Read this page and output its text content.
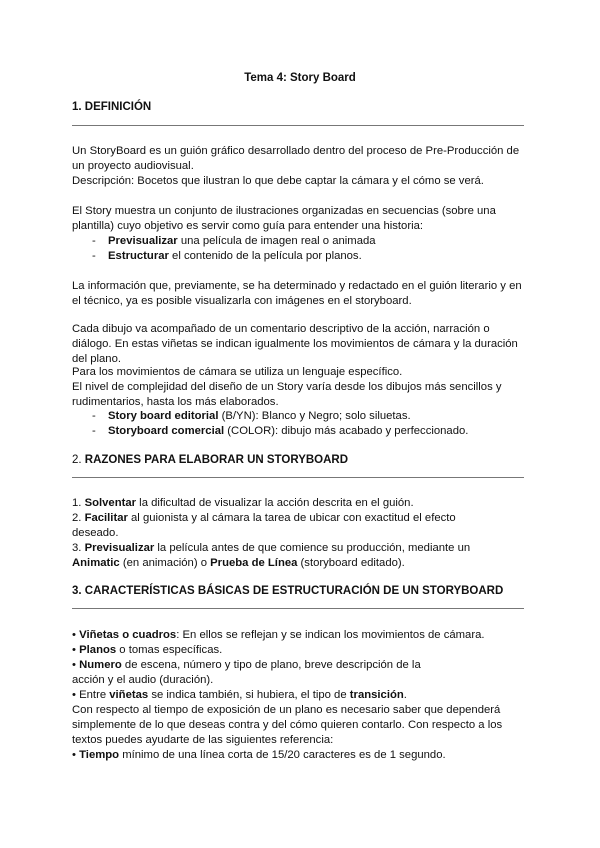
Tema 4: Story Board
1. DEFINICIÓN

Un StoryBoard es un guión gráfico desarrollado dentro del proceso de Pre-Producción de un proyecto audiovisual.

Descripción: Bocetos que ilustran lo que debe captar la cámara y el cómo se verá.

El Story muestra un conjunto de ilustraciones organizadas en secuencias (sobre una plantilla) cuyo objetivo es servir como guía para entender una historia:
- Previsualizar una película de imagen real o animada
- Estructurar el contenido de la película por planos.
La información que, previamente, se ha determinado y redactado en el guión literario y en el técnico, ya es posible visualizarla con imágenes en el storyboard.
Cada dibujo va acompañado de un comentario descriptivo de la acción, narración o diálogo. En estas viñetas se indican igualmente los movimientos de cámara y la duración del plano.

Para los movimientos de cámara se utiliza un lenguaje específico.

El nivel de complejidad del diseño de un Story varía desde los dibujos más sencillos y rudimentarios, hasta los más elaborados.

- Story board editorial (B/YN): Blanco y Negro; solo siluetas.
- Storyboard comercial (COLOR): dibujo más acabado y perfeccionado.
2. RAZONES PARA ELABORAR UN STORYBOARD
1. Solventar la dificultad de visualizar la acción descrita en el guión.
2. Facilitar al guionista y al cámara la tarea de ubicar con exactitud el efecto deseado.

3. Previsualizar la película antes de que comience su producción, mediante un

Animatic (en animación) o Prueba de Línea (storyboard editado).

3. CARACTERÍSTICAS BÁSICAS DE ESTRUCTURACIÓN DE UN STORYBOARD
• Viñetas o cuadros: En ellos se reflejan y se indican los movimientos de cámara.
• Planos o tomas específicas.
• Numero de escena, número y tipo de plano, breve descripción de la acción y el audio (duración).
• Entre viñetas se indica también, si hubiera, el tipo de transición.
Con respecto al tiempo de exposición de un plano es necesario saber que dependerá simplemente de lo que deseas contra y del cómo quieren contarlo. Con respecto a los textos puedes ayudarte de las siguientes referencia:
• Tiempo mínimo de una línea corta de 15/20 caracteres es de 1 segundo.
